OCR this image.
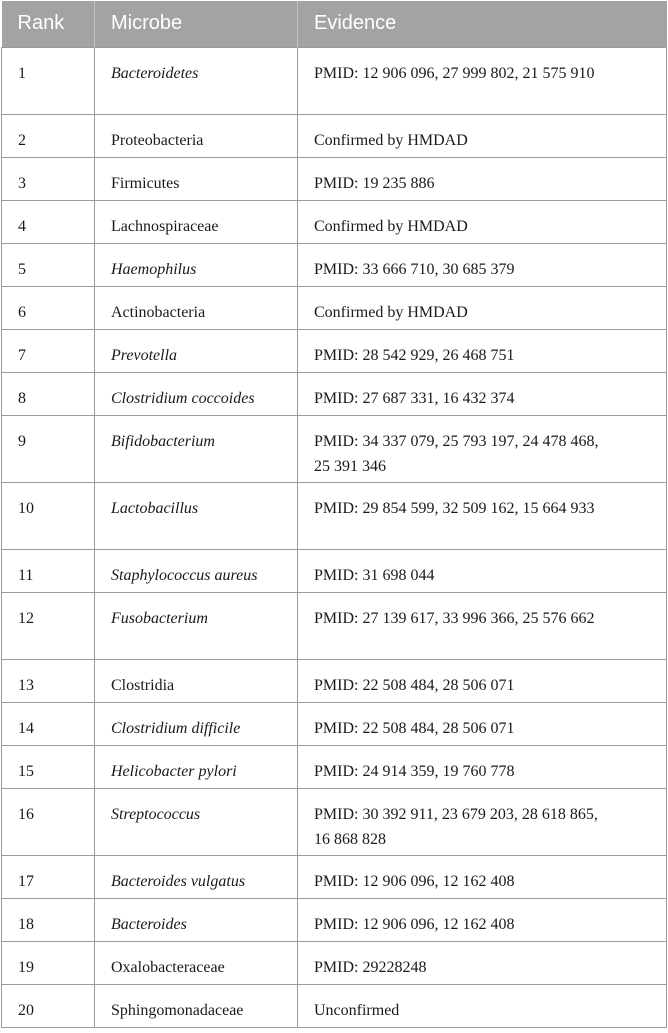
Rank	Microbe	Evidence
1	Bacteroidetes	PMID: 12 906 096, 27 999 802, 21 575 910
2	Proteobacteria	Confirmed by HMDAD
3	Firmicutes	PMID: 19 235 886
4	Lachnospiraceae	Confirmed by HMDAD
5	Haemophilus	PMID: 33 666 710, 30 685 379
6	Actinobacteria	Confirmed by HMDAD
7	Prevotella	PMID: 28 542 929, 26 468 751
8	Clostridium coccoides	PMID: 27 687 331, 16 432 374
9	Bifidobacterium	PMID: 34 337 079, 25 793 197, 24 478 468, 25 391 346
10	Lactobacillus	PMID: 29 854 599, 32 509 162, 15 664 933
11	Staphylococcus aureus	PMID: 31 698 044
12	Fusobacterium	PMID: 27 139 617, 33 996 366, 25 576 662
13	Clostridia	PMID: 22 508 484, 28 506 071
14	Clostridium difficile	PMID: 22 508 484, 28 506 071
15	Helicobacter pylori	PMID: 24 914 359, 19 760 778
16	Streptococcus	PMID: 30 392 911, 23 679 203, 28 618 865, 16 868 828
17	Bacteroides vulgatus	PMID: 12 906 096, 12 162 408
18	Bacteroides	PMID: 12 906 096, 12 162 408
19	Oxalobacteraceae	PMID: 29228248
20	Sphingomonadaceae	Unconfirmed
